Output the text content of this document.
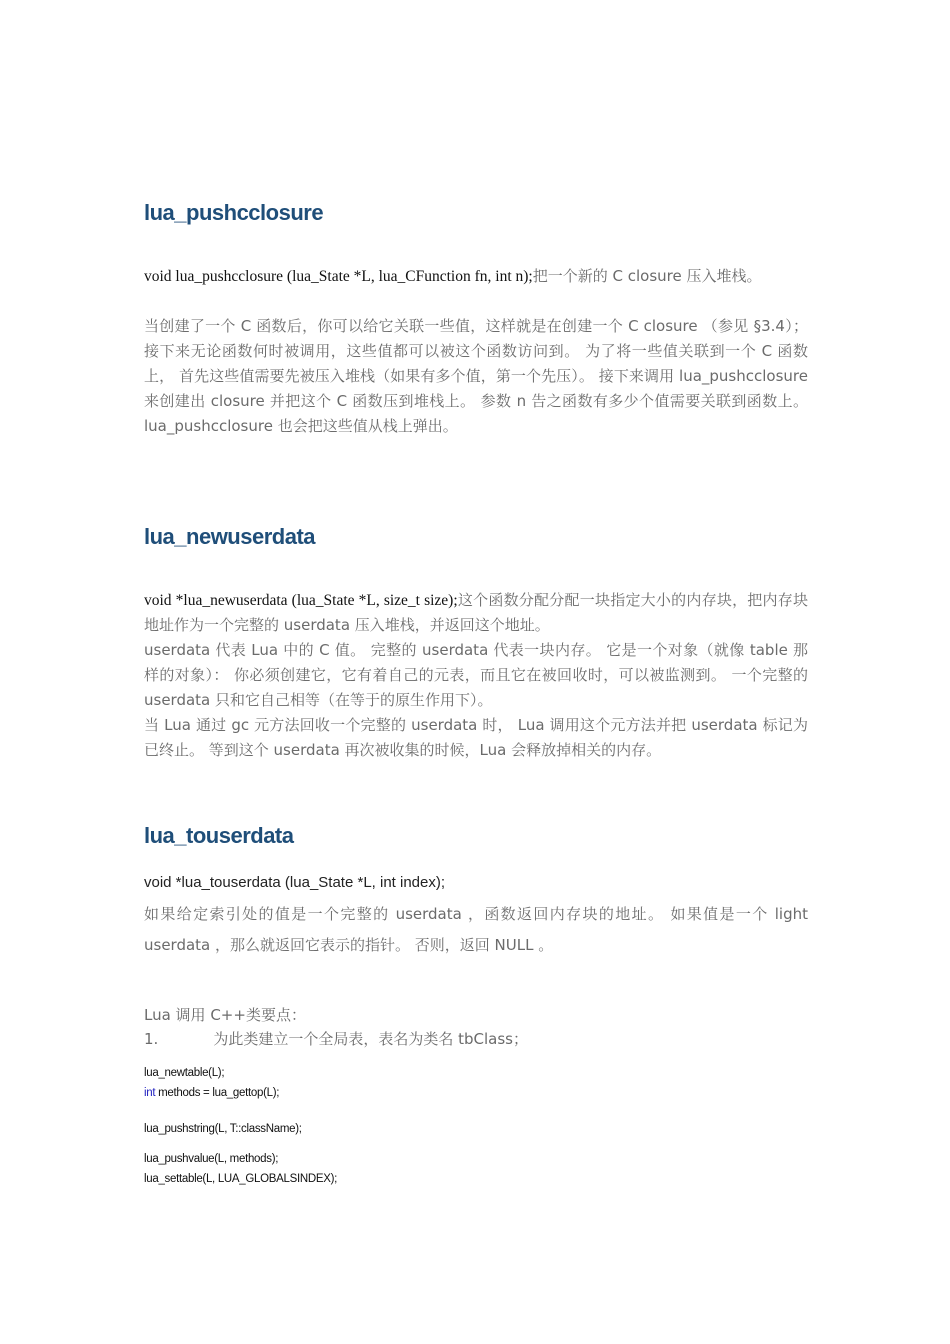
lua_pushcclosure

void lua_pushcclosure (lua_State *L, lua_CFunction fn, int n);把一个新的 C closure 压入堆栈。

当创建了一个 C 函数后，你可以给它关联一些值，这样就是在创建一个 C closure （参见 §3.4）； 接下来无论函数何时被调用，这些值都可以被这个函数访问到。 为了将一些值关联到一个 C 函数上， 首先这些值需要先被压入堆栈（如果有多个值，第一个先压）。 接下来调用 lua_pushcclosure 来创建出 closure 并把这个 C 函数压到堆栈上。 参数 n 告之函数有多少个值需要关联到函数上。 lua_pushcclosure 也会把这些值从栈上弹出。

lua_newuserdata

void *lua_newuserdata (lua_State *L, size_t size);这个函数分配分配一块指定大小的内存块，把内存块地址作为一个完整的 userdata 压入堆栈，并返回这个地址。

userdata 代表 Lua 中的 C 值。 完整的 userdata 代表一块内存。 它是一个对象（就像 table 那样的对象）： 你必须创建它，它有着自己的元表，而且它在被回收时，可以被监测到。 一个完整的 userdata 只和它自己相等（在等于的原生作用下）。

当 Lua 通过 gc 元方法回收一个完整的 userdata 时， Lua 调用这个元方法并把 userdata 标记为已终止。 等到这个 userdata 再次被收集的时候，Lua 会释放掉相关的内存。

lua_touserdata

void *lua_touserdata (lua_State *L, int index);

如果给定索引处的值是一个完整的 userdata ，函数返回内存块的地址。 如果值是一个 light userdata ，那么就返回它表示的指针。 否则，返回 NULL 。

Lua 调用 C++类要点：

1.	为此类建立一个全局表，表名为类名 tbClass；

lua_newtable(L);
int methods = lua_gettop(L);
lua_pushstring(L, T::className);
lua_pushvalue(L, methods);
lua_settable(L, LUA_GLOBALSINDEX);
